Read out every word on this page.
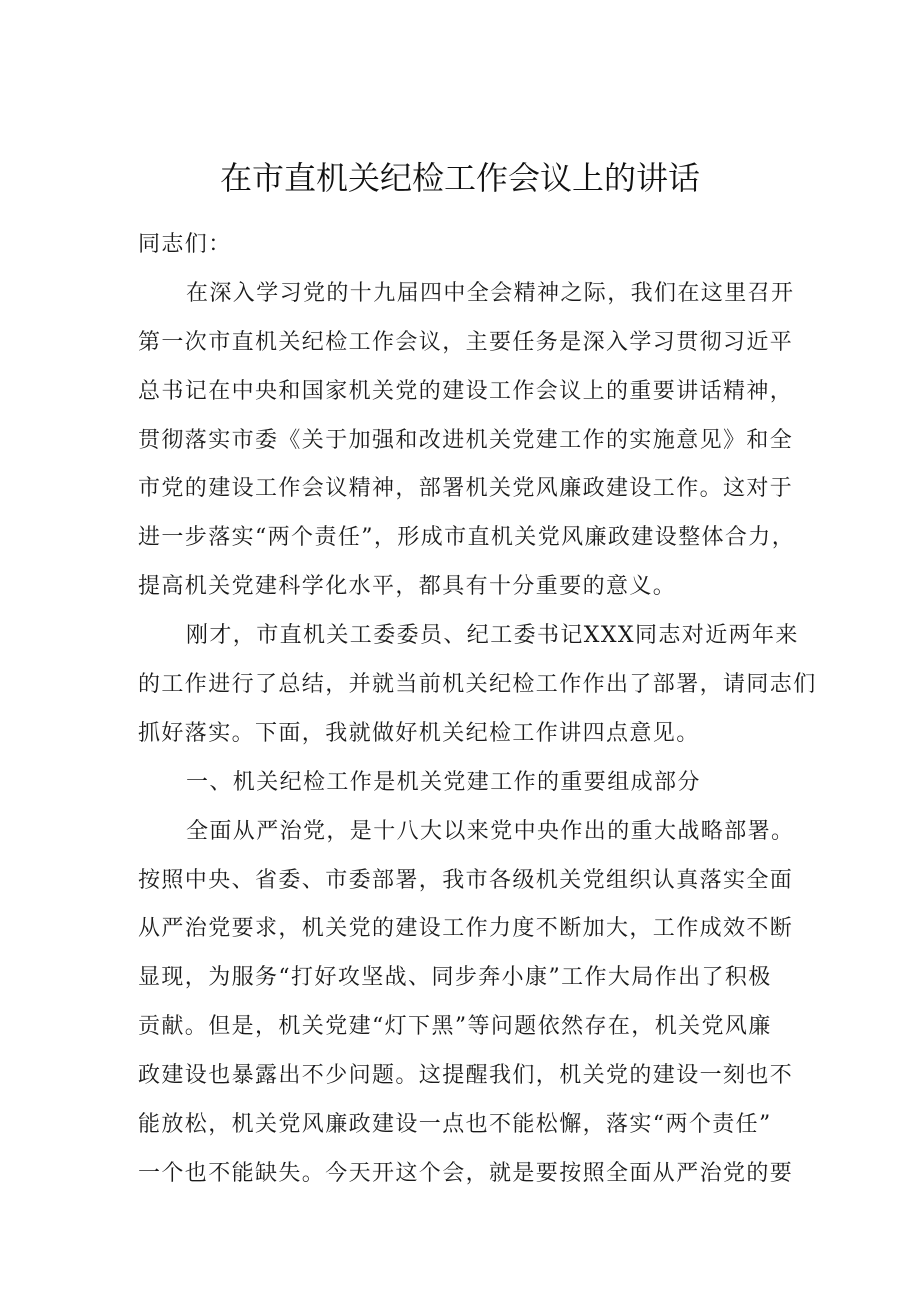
在市直机关纪检工作会议上的讲话
同志们：
在深入学习党的十九届四中全会精神之际，我们在这里召开
第一次市直机关纪检工作会议，主要任务是深入学习贯彻习近平
总书记在中央和国家机关党的建设工作会议上的重要讲话精神，
贯彻落实市委《关于加强和改进机关党建工作的实施意见》和全
市党的建设工作会议精神，部署机关党风廉政建设工作。这对于
进一步落实“两个责任”，形成市直机关党风廉政建设整体合力，
提高机关党建科学化水平，都具有十分重要的意义。
刚才，市直机关工委委员、纪工委书记XXX同志对近两年来
的工作进行了总结，并就当前机关纪检工作作出了部署，请同志们
抓好落实。下面，我就做好机关纪检工作讲四点意见。
一、机关纪检工作是机关党建工作的重要组成部分
全面从严治党，是十八大以来党中央作出的重大战略部署。
按照中央、省委、市委部署，我市各级机关党组织认真落实全面
从严治党要求，机关党的建设工作力度不断加大，工作成效不断
显现，为服务“打好攻坚战、同步奔小康”工作大局作出了积极
贡献。但是，机关党建“灯下黑”等问题依然存在，机关党风廉
政建设也暴露出不少问题。这提醒我们，机关党的建设一刻也不
能放松，机关党风廉政建设一点也不能松懈，落实“两个责任”
一个也不能缺失。今天开这个会，就是要按照全面从严治党的要
